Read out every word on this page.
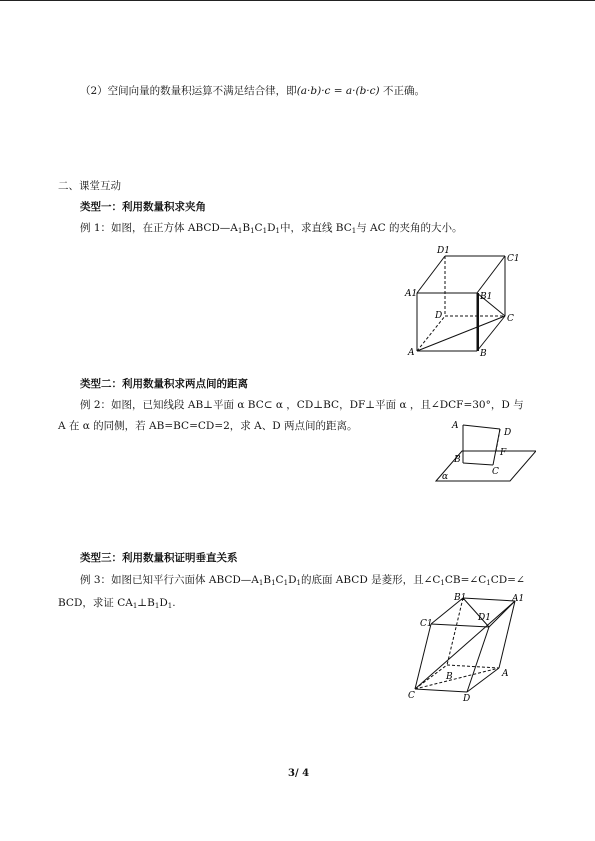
（2）空间向量的数量积运算不满足结合律，即(a·b)·c = a·(b·c) 不正确。
二、课堂互动
类型一：利用数量积求夹角
例 1：如图，在正方体 $ABCD—A_1B_1C_1D_1$中，求直线 $BC_1$与 AC 的夹角的大小。
D1
C1
A1	B1
D	C
A	B
类型二：利用数量积求两点间的距离
例 2：如图，已知线段 AB⊥平面 α BC⊂ α ，CD⊥BC，DF⊥平面 α ，且∠DCF=30°，D 与
A 在 α 的同侧，若 AB=BC=CD=2，求 A、D 两点间的距离。	A
D
B
F
C
α
类型三：利用数量积证明垂直关系
例 3：如图已知平行六面体 $ABCD—A_1B_1C_1D_1$的底面 ABCD 是菱形，且$\angle C_1CB=\angle C_1CD=\angle$
BCD，求证 $CA_1\perp B_1D_1$.	B1	A1
C1
D1
B	A
C	D
3/ 4
